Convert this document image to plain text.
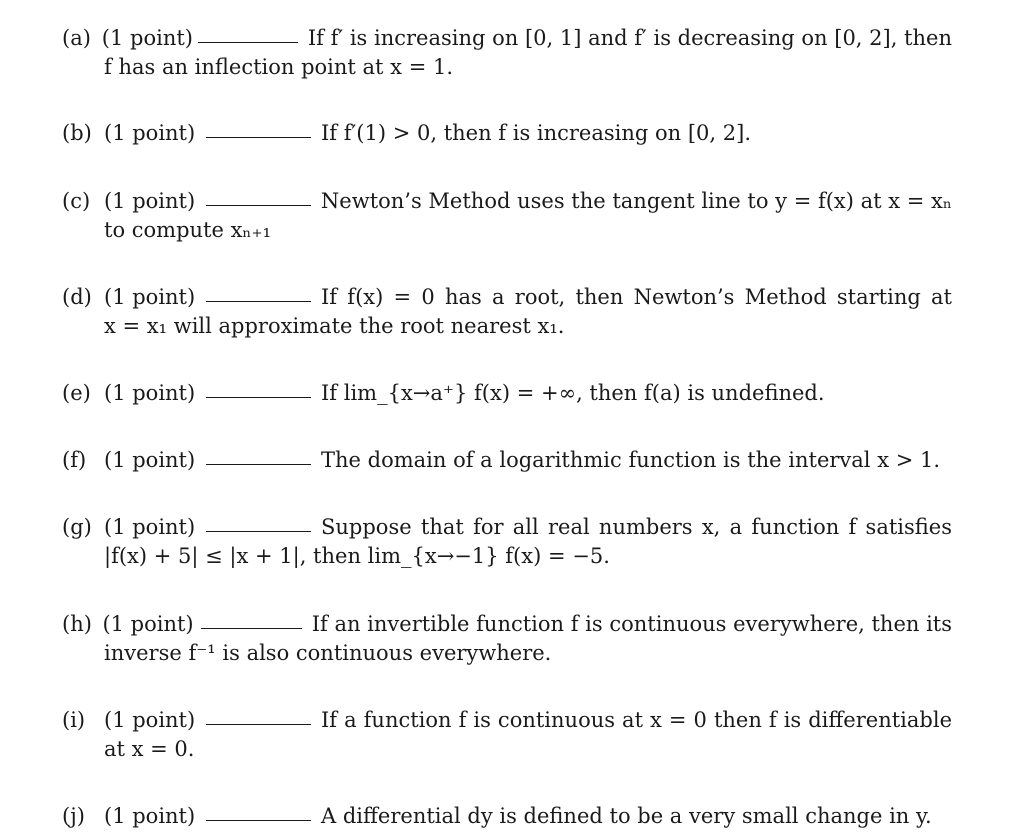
(a) (1 point)	If f′ is increasing on [0, 1] and f′ is decreasing on [0, 2], then
f has an inflection point at x = 1.
(b) (1 point)	If f′(1) > 0, then f is increasing on [0, 2].
(c) (1 point)	Newton’s Method uses the tangent line to y = f(x) at x = xₙ
to compute xₙ₊₁
(d) (1 point)	If f(x) = 0 has a root, then Newton’s Method starting at
x = x₁ will approximate the root nearest x₁.
(e) (1 point)	If lim_{x→a⁺} f(x) = +∞, then f(a) is undefined.
(f) (1 point)	The domain of a logarithmic function is the interval x > 1.
(g) (1 point)	Suppose that for all real numbers x, a function f satisfies
|f(x) + 5| ≤ |x + 1|, then lim_{x→−1} f(x) = −5.
(h) (1 point)	If an invertible function f is continuous everywhere, then its
inverse f⁻¹ is also continuous everywhere.
(i) (1 point)	If a function f is continuous at x = 0 then f is differentiable
at x = 0.
(j) (1 point)	A differential dy is defined to be a very small change in y.
